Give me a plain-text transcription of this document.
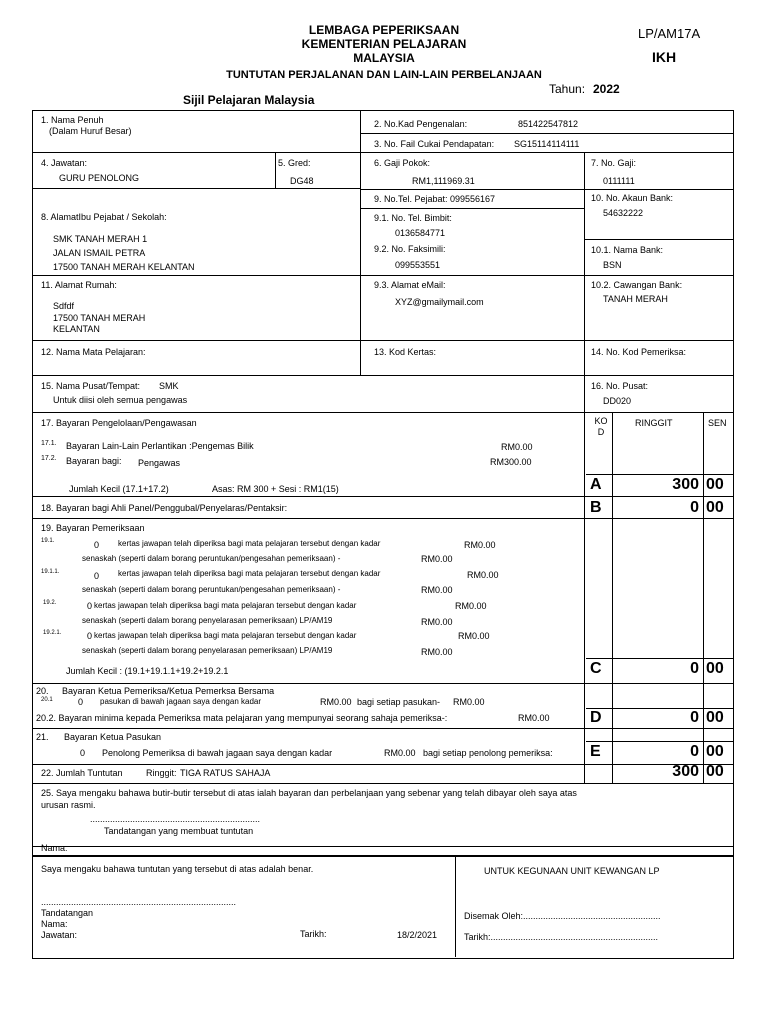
LEMBAGA PEPERIKSAAN
KEMENTERIAN PELAJARAN
MALAYSIA
TUNTUTAN PERJALANAN DAN LAIN-LAIN PERBELANJAAN
LP/AM17A
IKH
Tahun: 2022
Sijil Pelajaran Malaysia
1. Nama Penuh
(Dalam Huruf Besar)
2. No.Kad Pengenalan:	851422547812
3. No. Fail Cukai Pendapatan: SG15114114111
4. Jawatan:
GURU PENOLONG
5. Gred:
DG48
6. Gaji Pokok:
RM1,111969.31
7. No. Gaji:
0111111
9. No.Tel. Pejabat: 099556167
9.1. No. Tel. Bimbit:
0136584771
9.2. No. Faksimili:
099553551
10. No. Akaun Bank:
54632222
10.1. Nama Bank:
BSN
8. AlamatIbu Pejabat / Sekolah:
SMK TANAH MERAH 1
JALAN ISMAIL PETRA
17500 TANAH MERAH KELANTAN
11. Alamat Rumah:
Sdfdf
17500 TANAH MERAH
KELANTAN
9.3. Alamat eMail:
XYZ@gmailymail.com
10.2. Cawangan Bank:
TANAH MERAH
12. Nama Mata Pelajaran:	13. Kod Kertas:	14. No. Kod Pemeriksa:
15. Nama Pusat/Tempat: SMK
Untuk diisi oleh semua pengawas
16. No. Pusat:
DD020
17. Bayaran Pengelolaan/Pengawasan	KOD
RINGGIT	SEN
17.1. Bayaran Lain-Lain Perlantikan :Pengemas Bilik	RM0.00
17.2. Bayaran bagi: Pengawas	RM300.00
Jumlah Kecil (17.1+17.2)	Asas: RM 300 + Sesi : RM1(15)	A	300 00
18. Bayaran bagi Ahli Panel/Penggubal/Penyelaras/Pentaksir:	B	0 00
19. Bayaran Pemeriksaan
19.1.	0 kertas jawapan telah diperiksa bagi mata pelajaran tersebut dengan kadar	RM0.00
senaskah (seperti dalam borang peruntukan/pengesahan pemeriksaan) -	RM0.00
19.1.1.	0 kertas jawapan telah diperiksa bagi mata pelajaran tersebut dengan kadar	RM0.00
senaskah (seperti dalam borang peruntukan/pengesahan pemeriksaan) -	RM0.00
19.2.	0 kertas jawapan telah diperiksa bagi mata pelajaran tersebut dengan kadar	RM0.00
senaskah (seperti dalam borang penyelarasan pemeriksaan) LP/AM19	RM0.00
19.2.1.	0 kertas jawapan telah diperiksa bagi mata pelajaran tersebut dengan kadar	RM0.00
senaskah (seperti dalam borang penyelarasan pemeriksaan) LP/AM19	RM0.00
Jumlah Kecil : (19.1+19.1.1+19.2+19.2.1	C	0 00
20. Bayaran Ketua Pemeriksa/Ketua Pemerksa Bersama
20.1	0 pasukan di bawah jagaan saya dengan kadar	RM0.00 bagi setiap pasukan- RM0.00
20.2. Bayaran minima kepada Pemeriksa mata pelajaran yang mempunyai seorang sahaja pemeriksa-:	RM0.00	D	0 00
21. Bayaran Ketua Pasukan
0 Penolong Pemeriksa di bawah jagaan saya dengan kadar	RM0.00 bagi setiap penolong pemeriksa: E	0 00
22. Jumlah Tuntutan	Ringgit: TIGA RATUS SAHAJA	300 00
25. Saya mengaku bahawa butir-butir tersebut di atas ialah bayaran dan perbelanjaan yang sebenar yang telah dibayar oleh saya atas
urusan rasmi.
....................................................................
Tandatangan yang membuat tuntutan
Nama:
Saya mengaku bahawa tuntutan yang tersebut di atas adalah benar.
..............................................................................
Tandatangan
Nama:
Jawatan:	Tarikh:	18/2/2021
UNTUK KEGUNAAN UNIT KEWANGAN LP
Disemak Oleh:.......................................................
Tarikh:...................................................................
